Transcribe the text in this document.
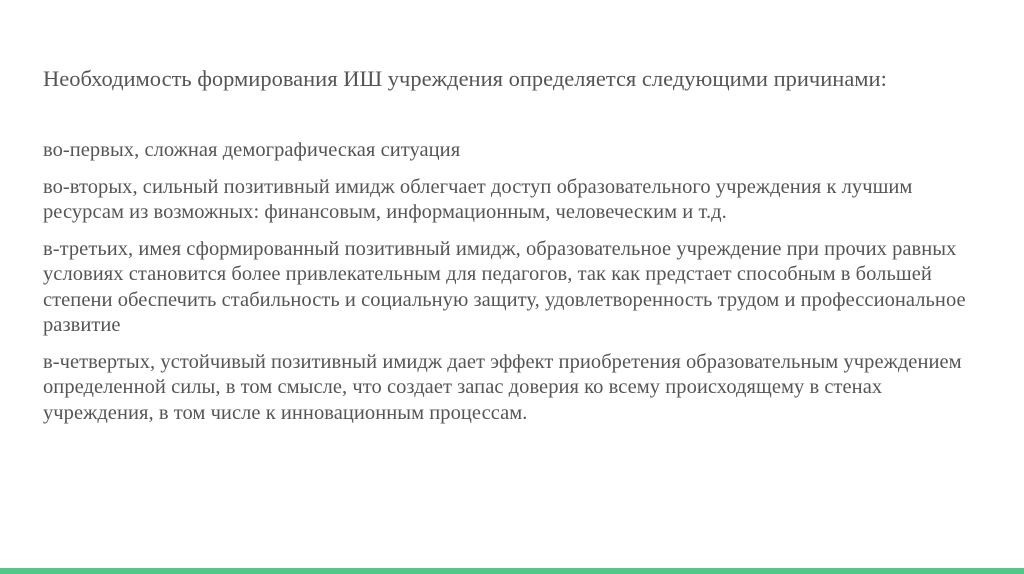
Необходимость формирования ИШ учреждения определяется следующими причинами:
во-первых, сложная демографическая ситуация
во-вторых, сильный позитивный имидж облегчает доступ образовательного учреждения к лучшим ресурсам из возможных: финансовым, информационным, человеческим и т.д.
в-третьих, имея сформированный позитивный имидж, образовательное учреждение при прочих равных условиях становится более привлекательным для педагогов, так как предстает способным в большей степени обеспечить стабильность и социальную защиту, удовлетворенность трудом и профессиональное развитие
в-четвертых, устойчивый позитивный имидж дает эффект приобретения образовательным учреждением определенной силы, в том смысле, что создает запас доверия ко всему происходящему в стенах учреждения, в том числе к инновационным процессам.
